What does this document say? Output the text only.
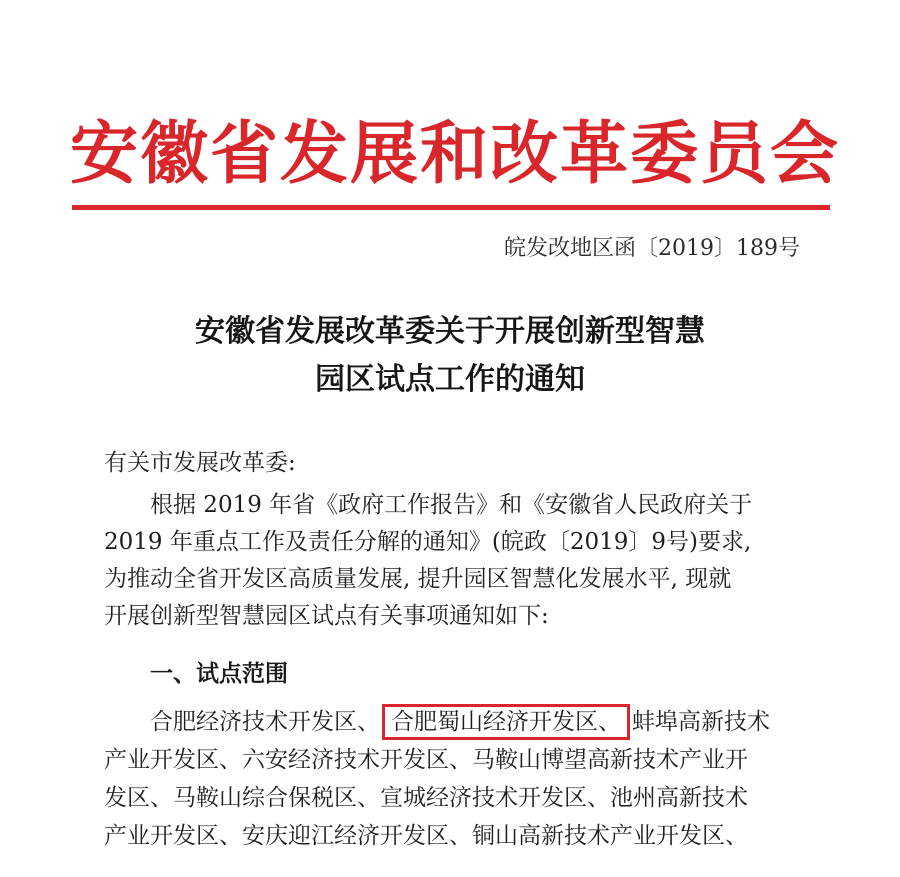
安徽省发展和改革委员会
皖发改地区函〔2019〕189号
安徽省发展改革委关于开展创新型智慧
园区试点工作的通知
有关市发展改革委:
根据 2019 年省《政府工作报告》和《安徽省人民政府关于
2019 年重点工作及责任分解的通知》(皖政〔2019〕9号)要求,
为推动全省开发区高质量发展, 提升园区智慧化发展水平, 现就
开展创新型智慧园区试点有关事项通知如下:
一、试点范围
合肥经济技术开发区、 合肥蜀山经济开发区、 蚌埠高新技术
产业开发区、六安经济技术开发区、马鞍山博望高新技术产业开
发区、马鞍山综合保税区、宣城经济技术开发区、池州高新技术
产业开发区、安庆迎江经济开发区、铜山高新技术产业开发区、
